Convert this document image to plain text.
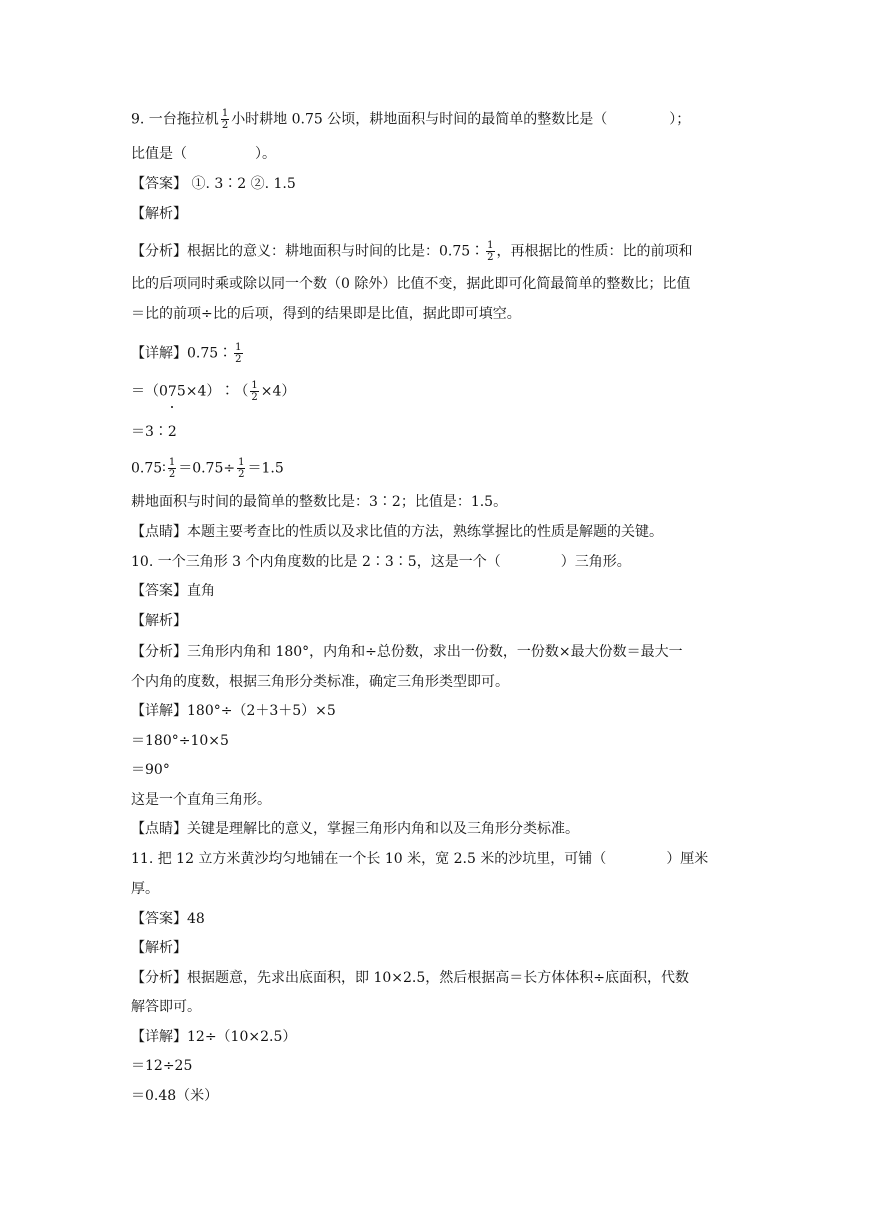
9. 一台拖拉机 $\frac{1}{2}$ 小时耕地 0.75 公顷，耕地面积与时间的最简单的整数比是（	）；
比值是（	）。
【答案】 ①. 3∶2 ②. 1.5
【解析】
【分析】根据比的意义：耕地面积与时间的比是：0.75∶ $\frac{1}{2}$ ，再根据比的性质：比的前项和
比的后项同时乘或除以同一个数（0 除外）比值不变，据此即可化简最简单的整数比；比值
＝比的前项÷比的后项，得到的结果即是比值，据此即可填空。
【详解】0.75∶ $\frac{1}{2}$
＝（075×4）∶（ $\frac{1}{2} \times 4$）
＝3∶2
0.75∶ $\frac{1}{2} =0.75\div \frac{1}{2} =1.5$
耕地面积与时间的最简单的整数比是：3∶2；比值是：1.5。
【点睛】本题主要考查比的性质以及求比值的方法，熟练掌握比的性质是解题的关键。
10. 一个三角形 3 个内角度数的比是 2∶3∶5，这是一个（	）三角形。
【答案】直角
【解析】
【分析】三角形内角和 180°，内角和÷总份数，求出一份数，一份数×最大份数＝最大一
个内角的度数，根据三角形分类标准，确定三角形类型即可。
【详解】180°÷（2＋3＋5）×5
＝180°÷10×5
＝90°
这是一个直角三角形。
【点睛】关键是理解比的意义，掌握三角形内角和以及三角形分类标准。
11. 把 12 立方米黄沙均匀地铺在一个长 10 米，宽 2.5 米的沙坑里，可铺（	）厘米
厚。
【答案】48
【解析】
【分析】根据题意，先求出底面积，即 10×2.5，然后根据高＝长方体体积÷底面积，代数
解答即可。
【详解】12÷（10×2.5）
＝12÷25
＝0.48（米）
